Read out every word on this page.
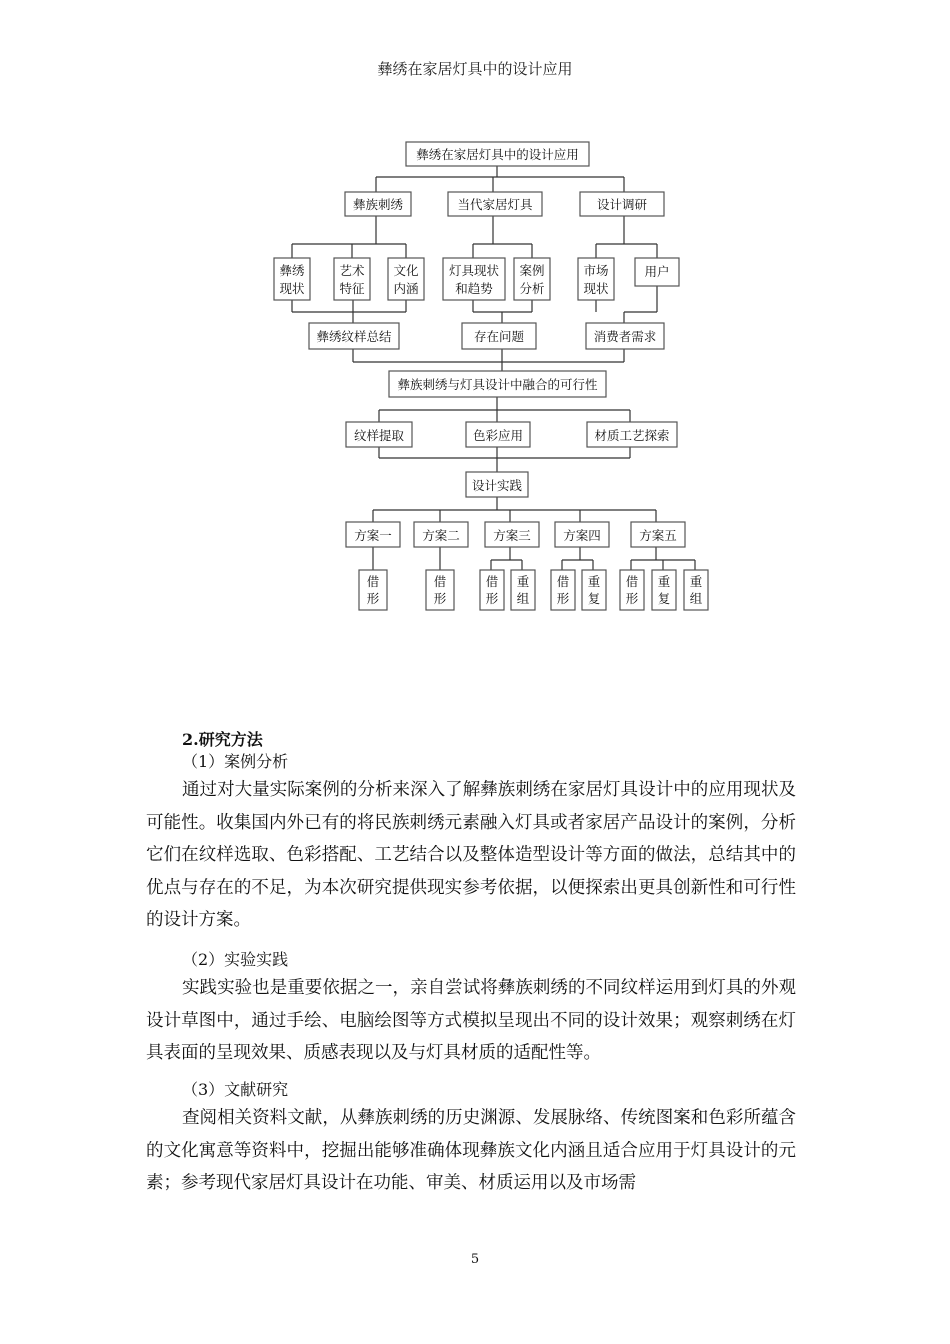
彝绣在家居灯具中的设计应用
彝绣在家居灯具中的设计应用
彝族刺绣	当代家居灯具	设计调研
彝绣
现状
艺术
特征
文化
内涵
灯具现状
和趋势
案例
分析
市场
现状
用户
彝绣纹样总结	存在问题	消费者需求
彝族刺绣与灯具设计中融合的可行性
纹样提取	色彩应用	材质工艺探索
设计实践
方案一 方案二	方案三	方案四	方案五
借形
借形
借形
重组
借形
重复
借形
重复
重组
2.研究方法
（1）案例分析

通过对大量实际案例的分析来深入了解彝族刺绣在家居灯具设计中的应用现状及可能性。收集国内外已有的将民族刺绣元素融入灯具或者家居产品设计的案例，分析它们在纹样选取、色彩搭配、工艺结合以及整体造型设计等方面的做法，总结其中的优点与存在的不足，为本次研究提供现实参考依据，以便探索出更具创新性和可行性的设计方案。

（2）实验实践

实践实验也是重要依据之一，亲自尝试将彝族刺绣的不同纹样运用到灯具的外观设计草图中，通过手绘、电脑绘图等方式模拟呈现出不同的设计效果；观察刺绣在灯具表面的呈现效果、质感表现以及与灯具材质的适配性等。

（3）文献研究

查阅相关资料文献，从彝族刺绣的历史渊源、发展脉络、传统图案和色彩所蕴含的文化寓意等资料中，挖掘出能够准确体现彝族文化内涵且适合应用于灯具设计的元素；参考现代家居灯具设计在功能、审美、材质运用以及市场需

5
